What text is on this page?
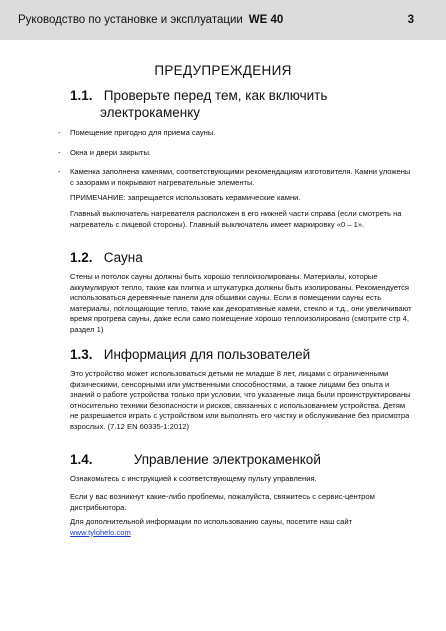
Руководство по установке и эксплуатации WE 40	3
ПРЕДУПРЕЖДЕНИЯ
1.1. Проверьте перед тем, как включить
электрокаменку
- Помещение пригодно для приема сауны.
- Окна и двери закрыты.
- Каменка заполнена камнями, соответствующими рекомендациям изготовителя. Камни уложены с зазорами и покрывают нагревательные элементы.
ПРИМЕЧАНИЕ: запрещается использовать керамические камни.
Главный выключатель нагревателя расположен в его нижней части справа (если смотреть на нагреватель с лицевой стороны). Главный выключатель имеет маркировку «0 – 1».
1.2. Сауна
Стены и потолок сауны должны быть хорошо теплоизолированы. Материалы, которые аккумулируют тепло, такие как плитка и штукатурка должны быть изолированы. Рекомендуется использоваться деревянные панели для обшивки сауны. Если в помещении сауны есть материалы, поглощающие тепло, такие как декоративные камни, стекло и т.д., они увеличивают время прогрева сауны, даже если само помещение хорошо теплоизолировано (смотрите стр 4, раздел 1)
1.3. Информация для пользователей
Это устройство может использоваться детьми не младше 8 лет, лицами с ограниченными физическими, сенсорными или умственными способностями, а также лицами без опыта и знаний о работе устройства только при условии, что указанные лица были проинструктированы относительно техники безопасности и рисков, связанных с использованием устройства. Детям не разрешается играть с устройством или выполнять его чистку и обслуживание без присмотра взрослых. (7.12 EN 60335-1:2012)
1.4.	Управление электрокаменкой
Ознакомьтесь с инструкцией к соответствующему пульту управления.
Если у вас возникнут какие-либо проблемы, пожалуйста, свяжитесь с сервис-центром дистрибьютора.
Для дополнительной информации по использованию сауны, посетите наш сайт
www.tylohelo.com
